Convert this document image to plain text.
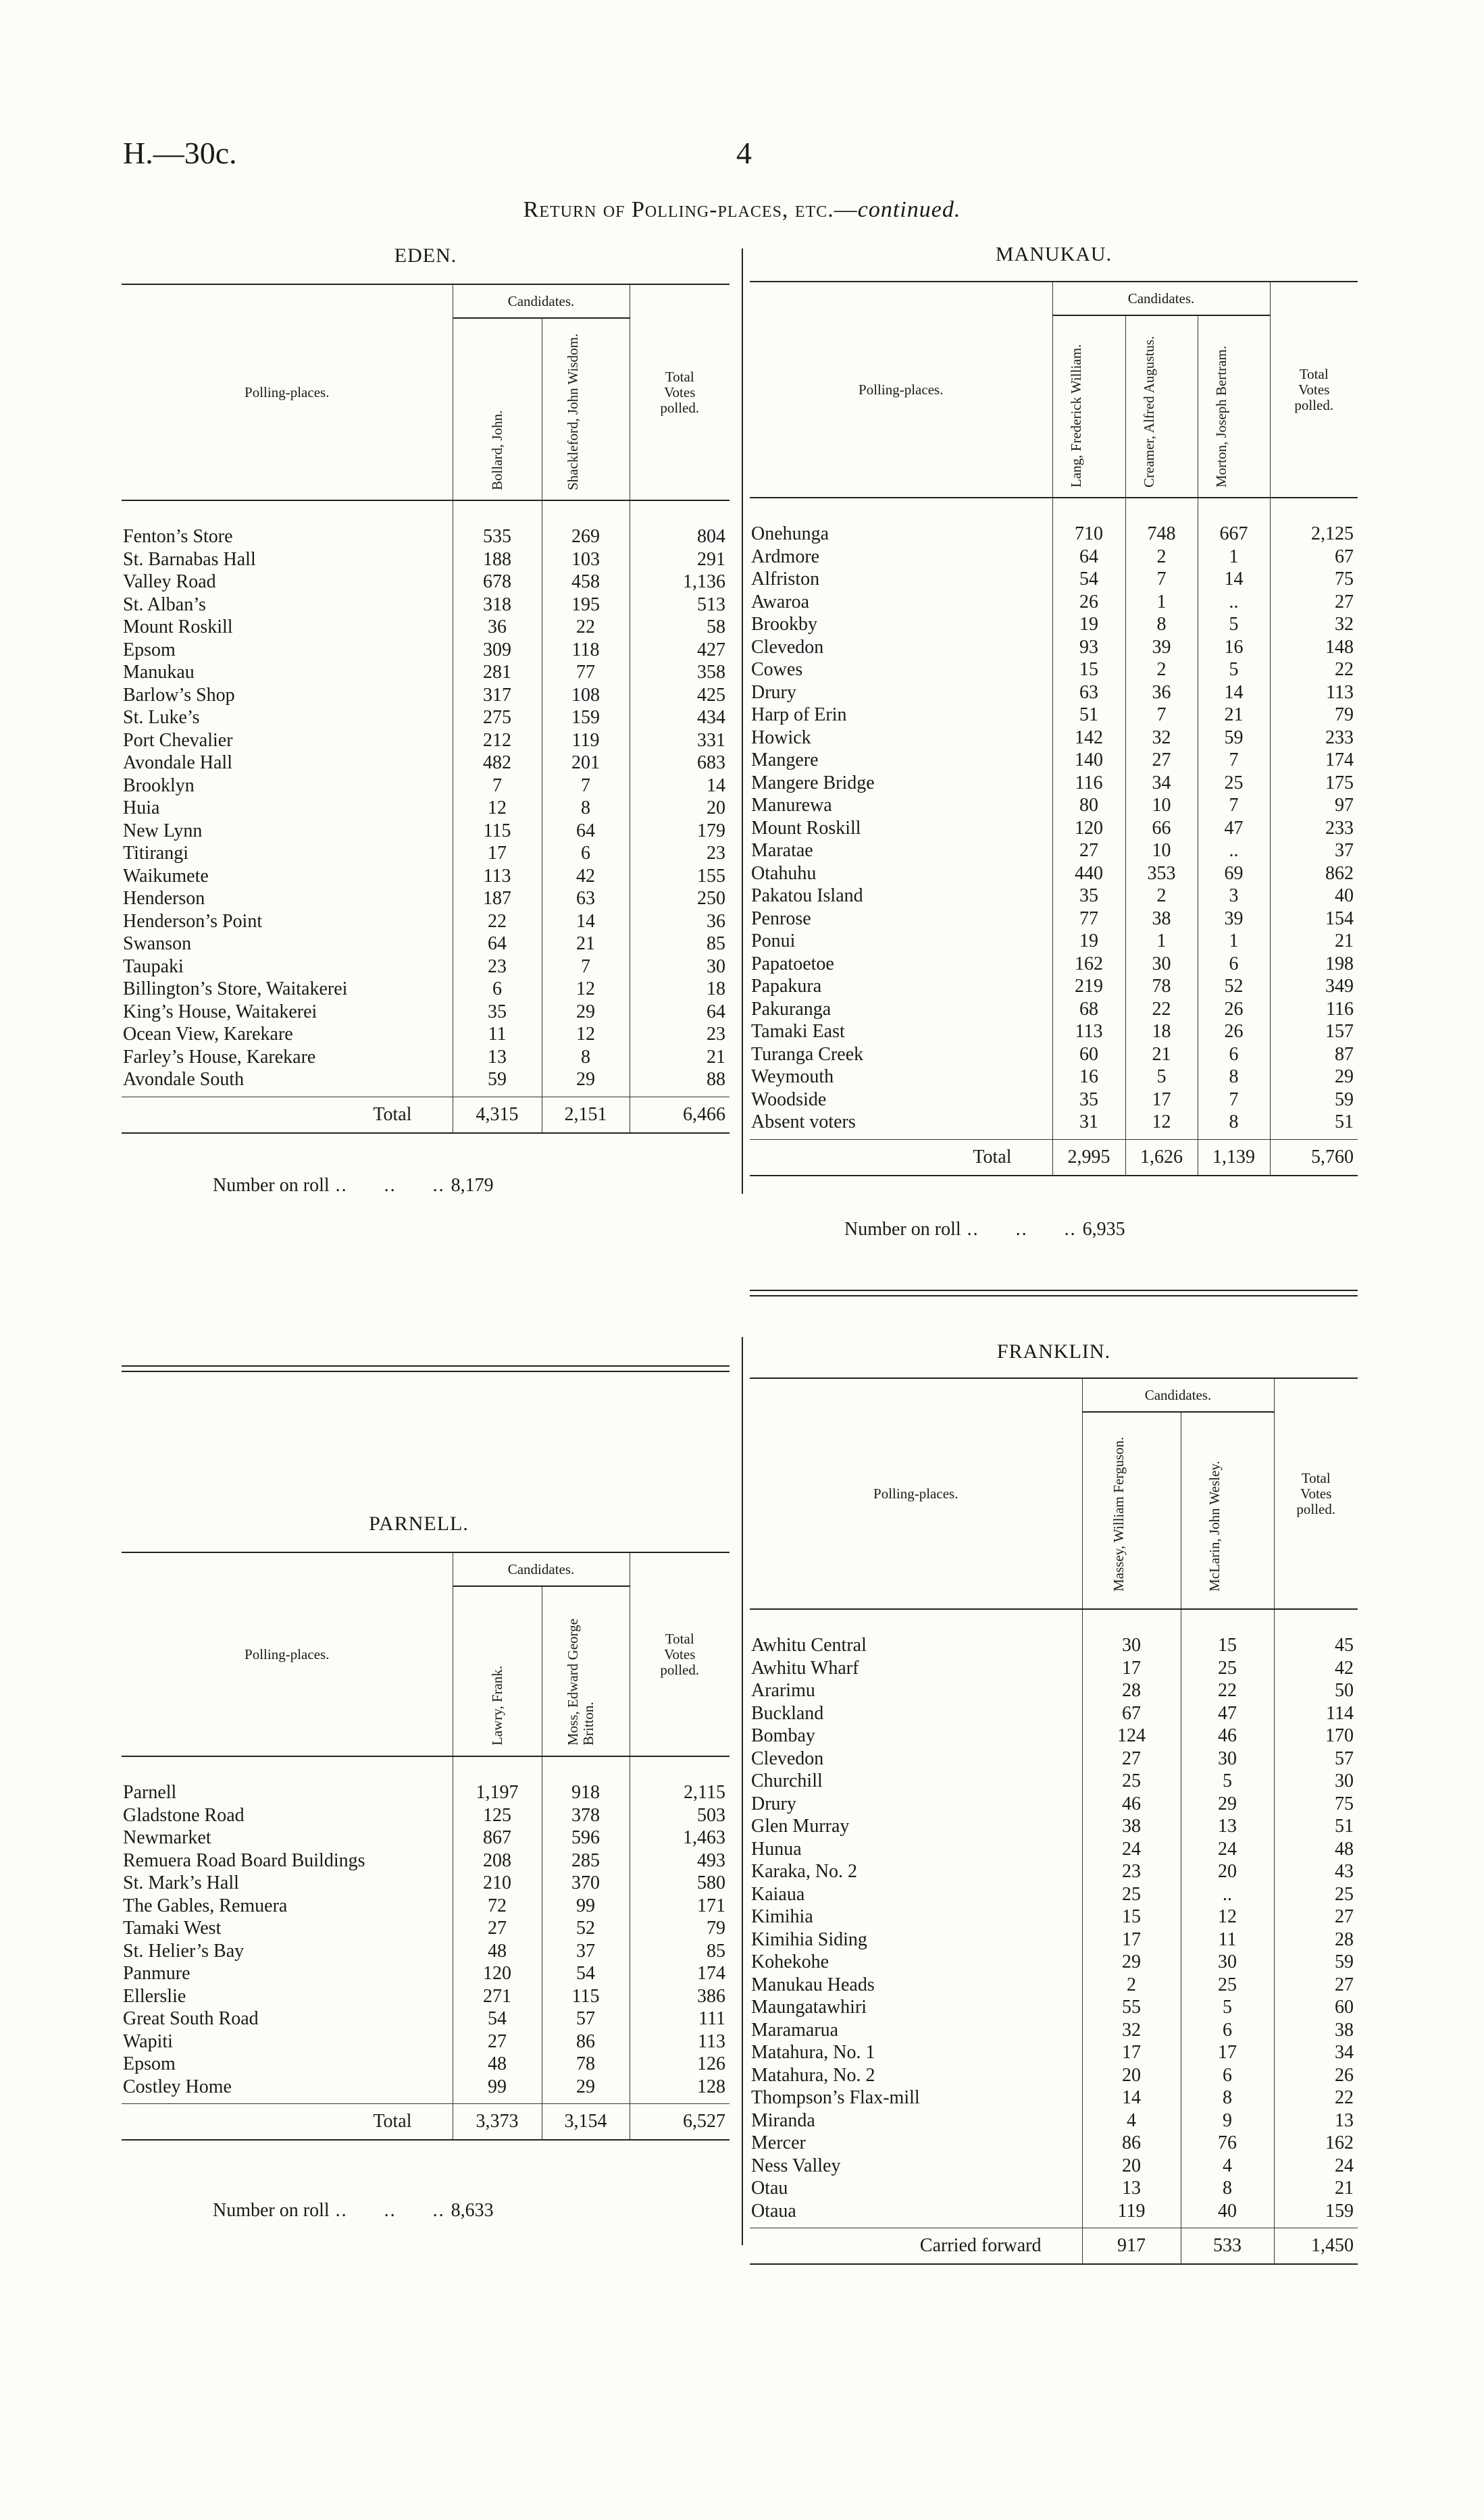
H.—30c.	4
Return of Polling-places, etc.—continued.
EDEN.
Polling-places.	Candidates.		Total Votes polled.

	Bollard, John.	Shackleford, John Wisdom.	

Fenton’s Store	535	269	804
St. Barnabas Hall	188	103	291
Valley Road	678	458	1,136
St. Alban’s	318	195	513
Mount Roskill	36	22	58
Epsom	309	118	427
Manukau	281	77	358
Barlow’s Shop	317	108	425
St. Luke’s	275	159	434
Port Chevalier	212	119	331
Avondale Hall	482	201	683
Brooklyn	7	7	14
Huia	12	8	20
New Lynn	115	64	179
Titirangi	17	6	23
Waikumete	113	42	155
Henderson	187	63	250
Henderson’s Point	22	14	36
Swanson	64	21	85
Taupaki	23	7	30
Billington’s Store, Waitakerei	6	12	18
King’s House, Waitakerei	35	29	64
Ocean View, Karekare	11	12	23
Farley’s House, Karekare	13	8	21
Avondale South	59	29	88

Total	4,315	2,151	6,466
Number on roll ..      ..      .. 8,179
MANUKAU.
Polling-places.	Candidates.			Total Votes polled.

	Lang, Frederick William.	Creamer, Alfred Augustus.	Morton, Joseph Bertram.	

Onehunga	710	748	667	2,125
Ardmore	64	2	1	67
Alfriston	54	7	14	75
Awaroa	26	1	..	27
Brookby	19	8	5	32
Clevedon	93	39	16	148
Cowes	15	2	5	22
Drury	63	36	14	113
Harp of Erin	51	7	21	79
Howick	142	32	59	233
Mangere	140	27	7	174
Mangere Bridge	116	34	25	175
Manurewa	80	10	7	97
Mount Roskill	120	66	47	233
Maratae	27	10	..	37
Otahuhu	440	353	69	862
Pakatou Island	35	2	3	40
Penrose	77	38	39	154
Ponui	19	1	1	21
Papatoetoe	162	30	6	198
Papakura	219	78	52	349
Pakuranga	68	22	26	116
Tamaki East	113	18	26	157
Turanga Creek	60	21	6	87
Weymouth	16	5	8	29
Woodside	35	17	7	59
Absent voters	31	12	8	51

Total	2,995	1,626	1,139	5,760
Number on roll ..      ..      .. 6,935
PARNELL.
Polling-places.	Candidates.		Total Votes polled.

	Lawry, Frank.	Moss, Edward George Britton.	

Parnell	1,197	918	2,115
Gladstone Road	125	378	503
Newmarket	867	596	1,463
Remuera Road Board Buildings	208	285	493
St. Mark’s Hall	210	370	580
The Gables, Remuera	72	99	171
Tamaki West	27	52	79
St. Helier’s Bay	48	37	85
Panmure	120	54	174
Ellerslie	271	115	386
Great South Road	54	57	111
Wapiti	27	86	113
Epsom	48	78	126
Costley Home	99	29	128

Total	3,373	3,154	6,527
Number on roll ..      ..      .. 8,633
FRANKLIN.
Polling-places.	Candidates.		Total Votes polled.

	Massey, William Ferguson.	McLarin, John Wesley.	

Awhitu Central	30	15	45
Awhitu Wharf	17	25	42
Ararimu	28	22	50
Buckland	67	47	114
Bombay	124	46	170
Clevedon	27	30	57
Churchill	25	5	30
Drury	46	29	75
Glen Murray	38	13	51
Hunua	24	24	48
Karaka, No. 2	23	20	43
Kaiaua	25	..	25
Kimihia	15	12	27
Kimihia Siding	17	11	28
Kohekohe	29	30	59
Manukau Heads	2	25	27
Maungatawhiri	55	5	60
Maramarua	32	6	38
Matahura, No. 1	17	17	34
Matahura, No. 2	20	6	26
Thompson’s Flax-mill	14	8	22
Miranda	4	9	13
Mercer	86	76	162
Ness Valley	20	4	24
Otau	13	8	21
Otaua	119	40	159

Carried forward	917	533	1,450
